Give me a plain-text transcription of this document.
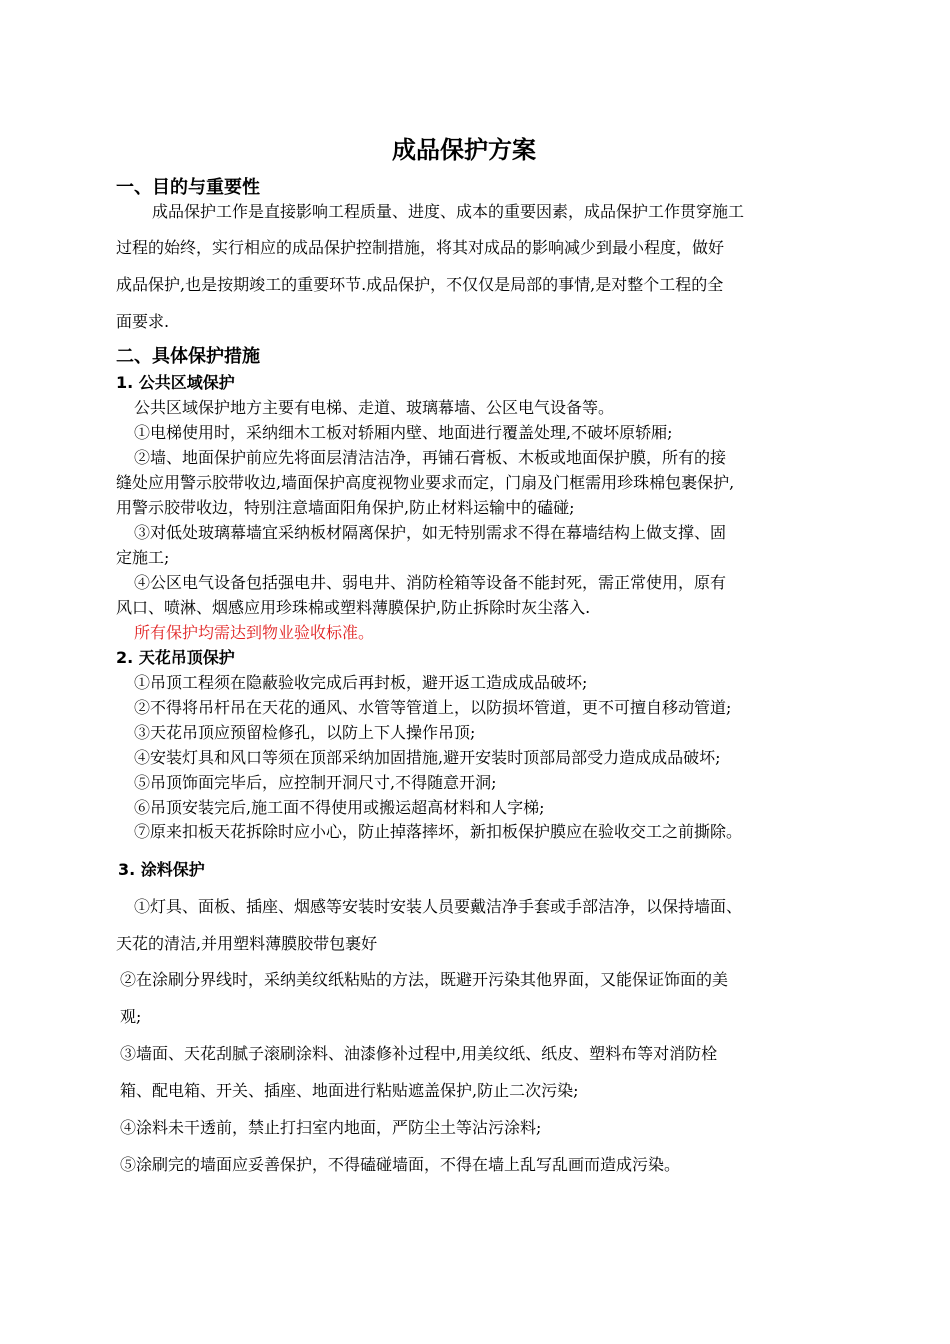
成品保护方案
一、目的与重要性
成品保护工作是直接影响工程质量、进度、成本的重要因素，成品保护工作贯穿施工
过程的始终，实行相应的成品保护控制措施，将其对成品的影响减少到最小程度，做好
成品保护,也是按期竣工的重要环节.成品保护，不仅仅是局部的事情,是对整个工程的全
面要求.
二、具体保护措施
1. 公共区域保护
公共区域保护地方主要有电梯、走道、玻璃幕墙、公区电气设备等。
①电梯使用时，采纳细木工板对轿厢内壁、地面进行覆盖处理,不破坏原轿厢;
②墙、地面保护前应先将面层清洁洁净，再铺石膏板、木板或地面保护膜，所有的接
缝处应用警示胶带收边,墙面保护高度视物业要求而定，门扇及门框需用珍珠棉包裹保护,
用警示胶带收边，特别注意墙面阳角保护,防止材料运输中的磕碰;
③对低处玻璃幕墙宜采纳板材隔离保护，如无特别需求不得在幕墙结构上做支撑、固
定施工;
④公区电气设备包括强电井、弱电井、消防栓箱等设备不能封死，需正常使用，原有
风口、喷淋、烟感应用珍珠棉或塑料薄膜保护,防止拆除时灰尘落入.
所有保护均需达到物业验收标准。
2. 天花吊顶保护
①吊顶工程须在隐蔽验收完成后再封板，避开返工造成成品破坏;
②不得将吊杆吊在天花的通风、水管等管道上，以防损坏管道，更不可擅自移动管道;
③天花吊顶应预留检修孔，以防上下人操作吊顶;
④安装灯具和风口等须在顶部采纳加固措施,避开安装时顶部局部受力造成成品破坏;
⑤吊顶饰面完毕后，应控制开洞尺寸,不得随意开洞;
⑥吊顶安装完后,施工面不得使用或搬运超高材料和人字梯;
⑦原来扣板天花拆除时应小心，防止掉落摔坏，新扣板保护膜应在验收交工之前撕除。
3. 涂料保护
①灯具、面板、插座、烟感等安装时安装人员要戴洁净手套或手部洁净，以保持墙面、
天花的清洁,并用塑料薄膜胶带包裹好
②在涂刷分界线时，采纳美纹纸粘贴的方法，既避开污染其他界面，又能保证饰面的美
观;
③墙面、天花刮腻子滚刷涂料、油漆修补过程中,用美纹纸、纸皮、塑料布等对消防栓
箱、配电箱、开关、插座、地面进行粘贴遮盖保护,防止二次污染;
④涂料未干透前，禁止打扫室内地面，严防尘土等沾污涂料;
⑤涂刷完的墙面应妥善保护，不得磕碰墙面，不得在墙上乱写乱画而造成污染。
